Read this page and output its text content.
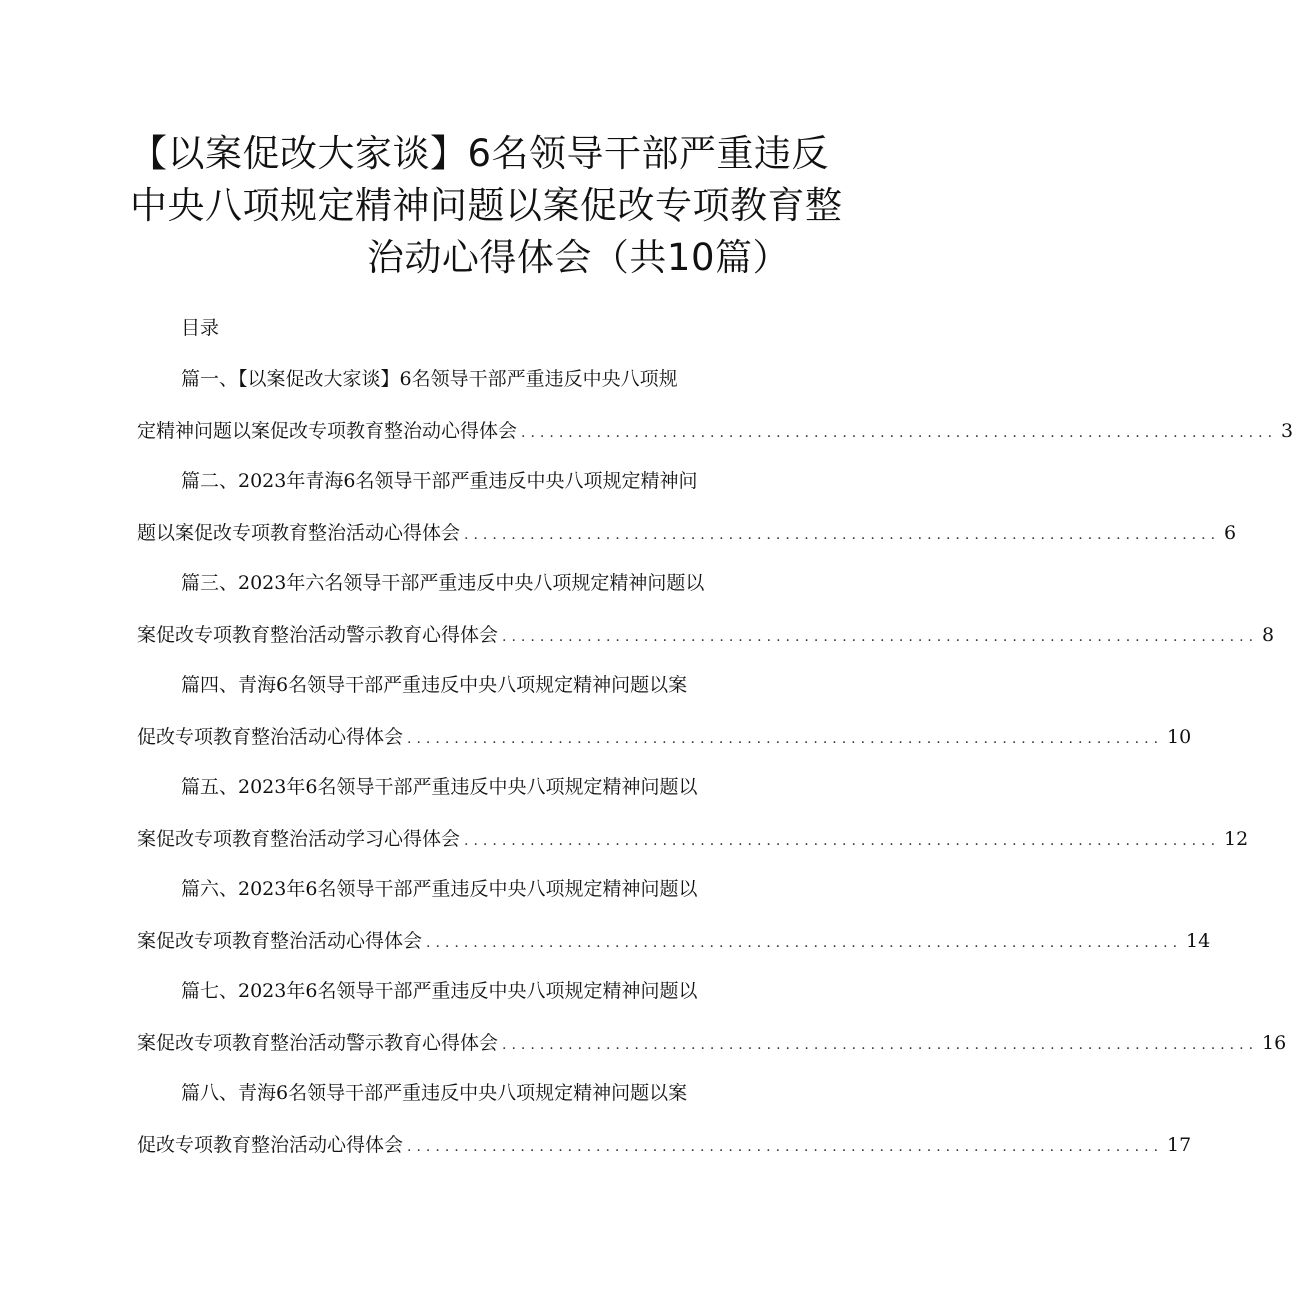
【以案促改大家谈】6名领导干部严重违反
中央八项规定精神问题以案促改专项教育整
治动心得体会（共10篇）
目录
篇一、【以案促改大家谈】6名领导干部严重违反中央八项规
定精神问题以案促改专项教育整治动心得体会 ................................................................................ 3
篇二、2023年青海6名领导干部严重违反中央八项规定精神问
题以案促改专项教育整治活动心得体会 ................................................................................ 6
篇三、2023年六名领导干部严重违反中央八项规定精神问题以
案促改专项教育整治活动警示教育心得体会 ................................................................................ 8
篇四、青海6名领导干部严重违反中央八项规定精神问题以案
促改专项教育整治活动心得体会 ................................................................................ 10
篇五、2023年6名领导干部严重违反中央八项规定精神问题以
案促改专项教育整治活动学习心得体会 ................................................................................ 12
篇六、2023年6名领导干部严重违反中央八项规定精神问题以
案促改专项教育整治活动心得体会 ................................................................................ 14
篇七、2023年6名领导干部严重违反中央八项规定精神问题以
案促改专项教育整治活动警示教育心得体会 ................................................................................ 16
篇八、青海6名领导干部严重违反中央八项规定精神问题以案
促改专项教育整治活动心得体会 ................................................................................ 17
